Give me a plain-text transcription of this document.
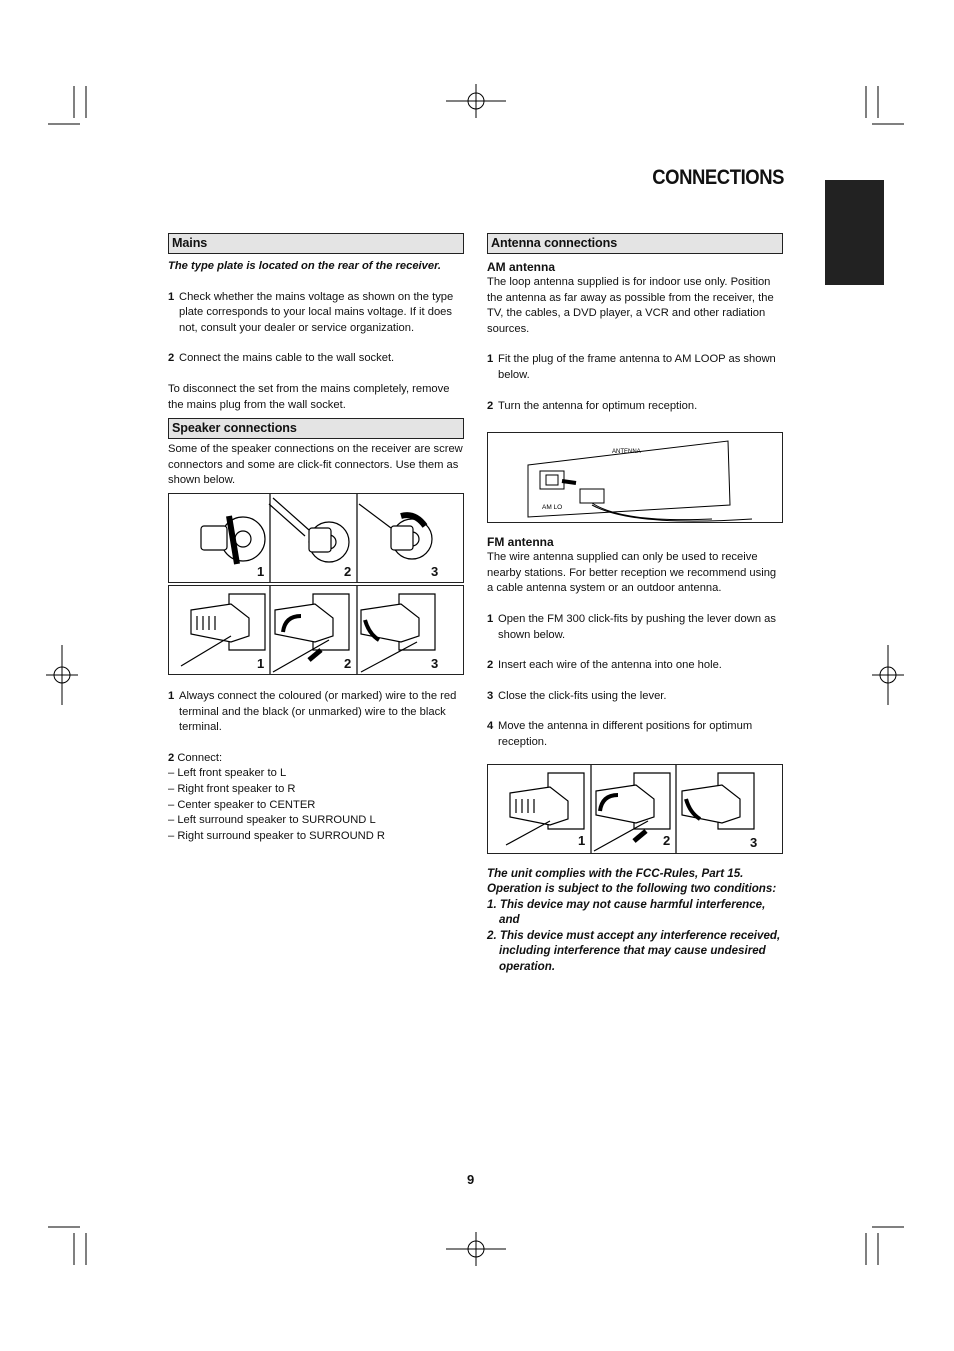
CONNECTIONS
Mains

The type plate is located on the rear of the receiver.

1 Check whether the mains voltage as shown on the type plate corresponds to your local mains voltage. If it does not, consult your dealer or service organization.
2 Connect the mains cable to the wall socket.

To disconnect the set from the mains completely, remove the mains plug from the wall socket.

Speaker connections

Some of the speaker connections on the receiver are screw connectors and some are click-fit connectors. Use them as shown below.

1	2	3
1	2	3
1 Always connect the coloured (or marked) wire to the red terminal and the black (or unmarked) wire to the black terminal.
2 Connect:
– Left front speaker to L
– Right front speaker to R
– Center speaker to CENTER
– Left surround speaker to SURROUND L
– Right surround speaker to SURROUND R
Antenna connections
AM antenna

The loop antenna supplied is for indoor use only. Position the antenna as far away as possible from the receiver, the TV, the cables, a DVD player, a VCR and other radiation sources.

1 Fit the plug of the frame antenna to AM LOOP as shown below.
2 Turn the antenna for optimum reception.
ANTENNA
AM LO
FM antenna

The wire antenna supplied can only be used to receive nearby stations. For better reception we recommend using a cable antenna system or an outdoor antenna.

1 Open the FM 300 click-fits by pushing the lever down as shown below.
2 Insert each wire of the antenna into one hole.
3 Close the click-fits using the lever.
4 Move the antenna in different positions for optimum reception.
1	2	3
The unit complies with the FCC-Rules, Part 15. Operation is subject to the following two conditions:
1. This device may not cause harmful interference, and
2. This device must accept any interference received, including interference that may cause undesired operation.
9
